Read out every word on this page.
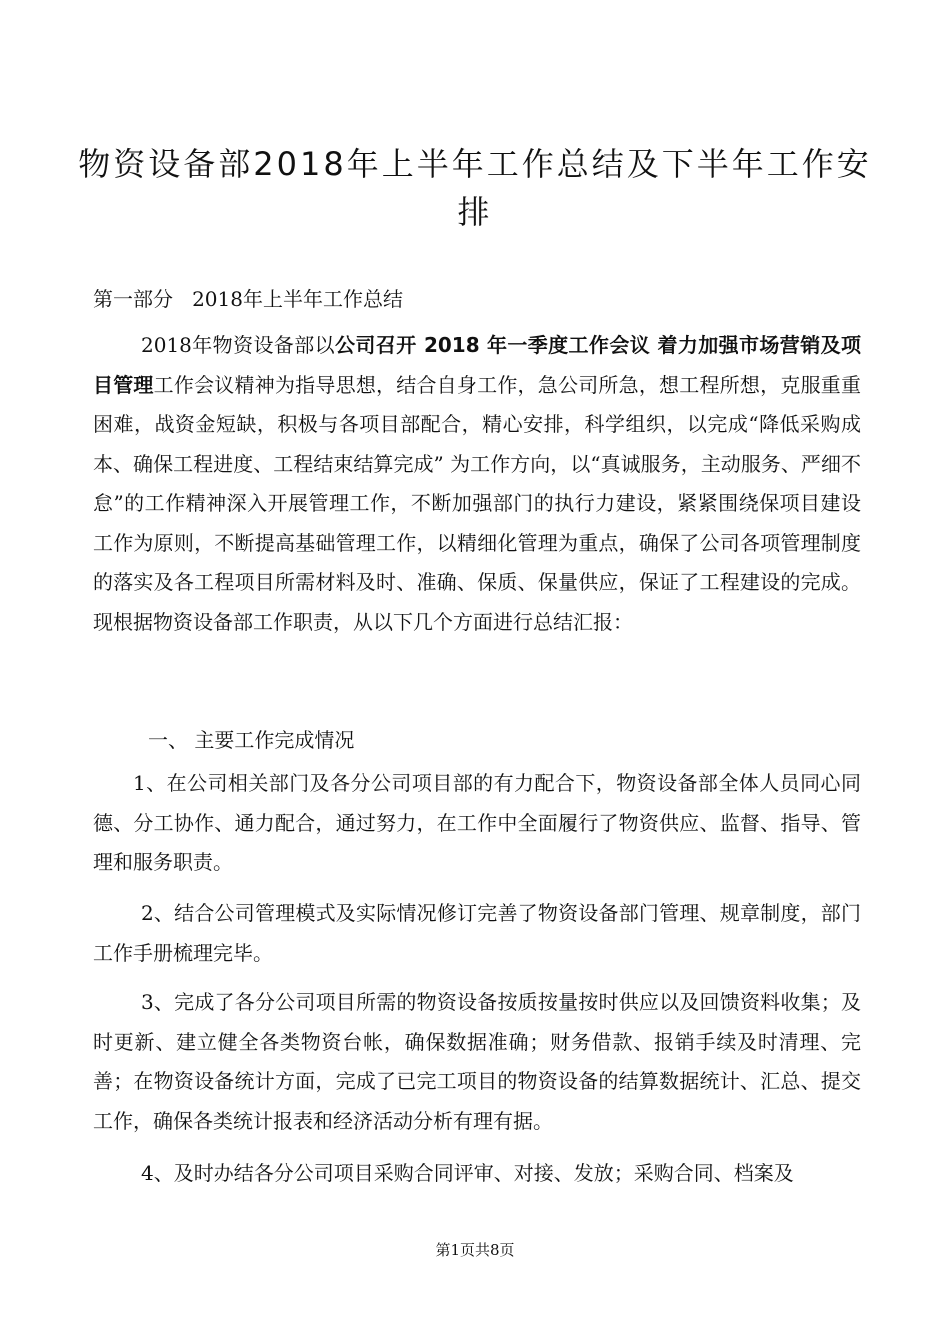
物资设备部2018年上半年工作总结及下半年工作安排
第一部分   2018年上半年工作总结
2018年物资设备部以公司召开 2018 年一季度工作会议 着力加强市场营销及项目管理工作会议精神为指导思想，结合自身工作，急公司所急，想工程所想，克服重重困难，战资金短缺，积极与各项目部配合，精心安排，科学组织，以完成“降低采购成本、确保工程进度、工程结束结算完成” 为工作方向，以“真诚服务，主动服务、严细不怠”的工作精神深入开展管理工作，不断加强部门的执行力建设，紧紧围绕保项目建设工作为原则，不断提高基础管理工作，以精细化管理为重点，确保了公司各项管理制度的落实及各工程项目所需材料及时、准确、保质、保量供应，保证了工程建设的完成。现根据物资设备部工作职责，从以下几个方面进行总结汇报：
一、 主要工作完成情况
1、在公司相关部门及各分公司项目部的有力配合下，物资设备部全体人员同心同德、分工协作、通力配合，通过努力，在工作中全面履行了物资供应、监督、指导、管理和服务职责。
2、结合公司管理模式及实际情况修订完善了物资设备部门管理、规章制度，部门工作手册梳理完毕。
3、完成了各分公司项目所需的物资设备按质按量按时供应以及回馈资料收集；及时更新、建立健全各类物资台帐，确保数据准确；财务借款、报销手续及时清理、完善；在物资设备统计方面，完成了已完工项目的物资设备的结算数据统计、汇总、提交工作，确保各类统计报表和经济活动分析有理有据。
4、及时办结各分公司项目采购合同评审、对接、发放；采购合同、档案及
第1页共8页
